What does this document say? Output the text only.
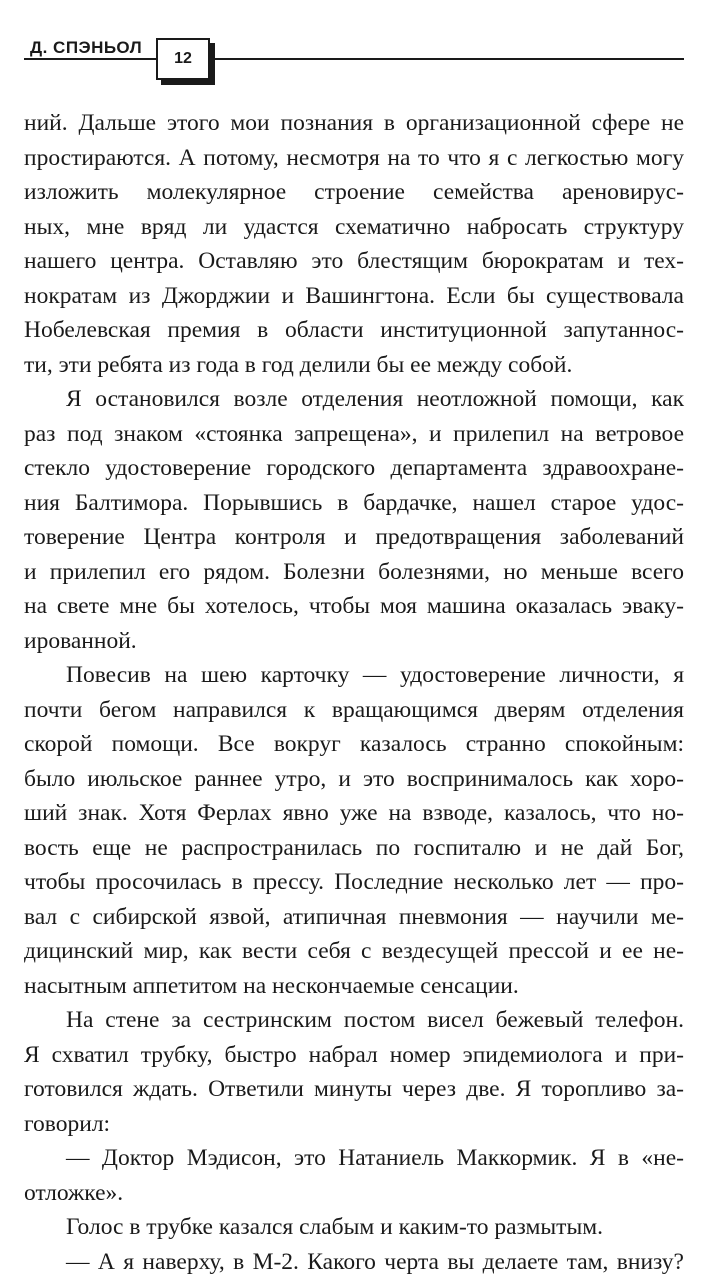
Д. СПЭНЬОЛ
12
ний. Дальше этого мои познания в организационной сфере не
простираются. А потому, несмотря на то что я с легкостью могу
изложить молекулярное строение семейства ареновирус-
ных, мне вряд ли удастся схематично набросать структуру
нашего центра. Оставляю это блестящим бюрократам и тех-
нократам из Джорджии и Вашингтона. Если бы существовала
Нобелевская премия в области институционной запутаннос-
ти, эти ребята из года в год делили бы ее между собой.
Я остановился возле отделения неотложной помощи, как
раз под знаком «стоянка запрещена», и прилепил на ветровое
стекло удостоверение городского департамента здравоохране-
ния Балтимора. Порывшись в бардачке, нашел старое удос-
товерение Центра контроля и предотвращения заболеваний
и прилепил его рядом. Болезни болезнями, но меньше всего
на свете мне бы хотелось, чтобы моя машина оказалась эваку-
ированной.
Повесив на шею карточку — удостоверение личности, я
почти бегом направился к вращающимся дверям отделения
скорой помощи. Все вокруг казалось странно спокойным:
было июльское раннее утро, и это воспринималось как хоро-
ший знак. Хотя Ферлах явно уже на взводе, казалось, что но-
вость еще не распространилась по госпиталю и не дай Бог,
чтобы просочилась в прессу. Последние несколько лет — про-
вал с сибирской язвой, атипичная пневмония — научили ме-
дицинский мир, как вести себя с вездесущей прессой и ее не-
насытным аппетитом на нескончаемые сенсации.
На стене за сестринским постом висел бежевый телефон.
Я схватил трубку, быстро набрал номер эпидемиолога и при-
готовился ждать. Ответили минуты через две. Я торопливо за-
говорил:
— Доктор Мэдисон, это Натаниель Маккормик. Я в «не-
отложке».
Голос в трубке казался слабым и каким-то размытым.
— А я наверху, в М-2. Какого черта вы делаете там, внизу?
